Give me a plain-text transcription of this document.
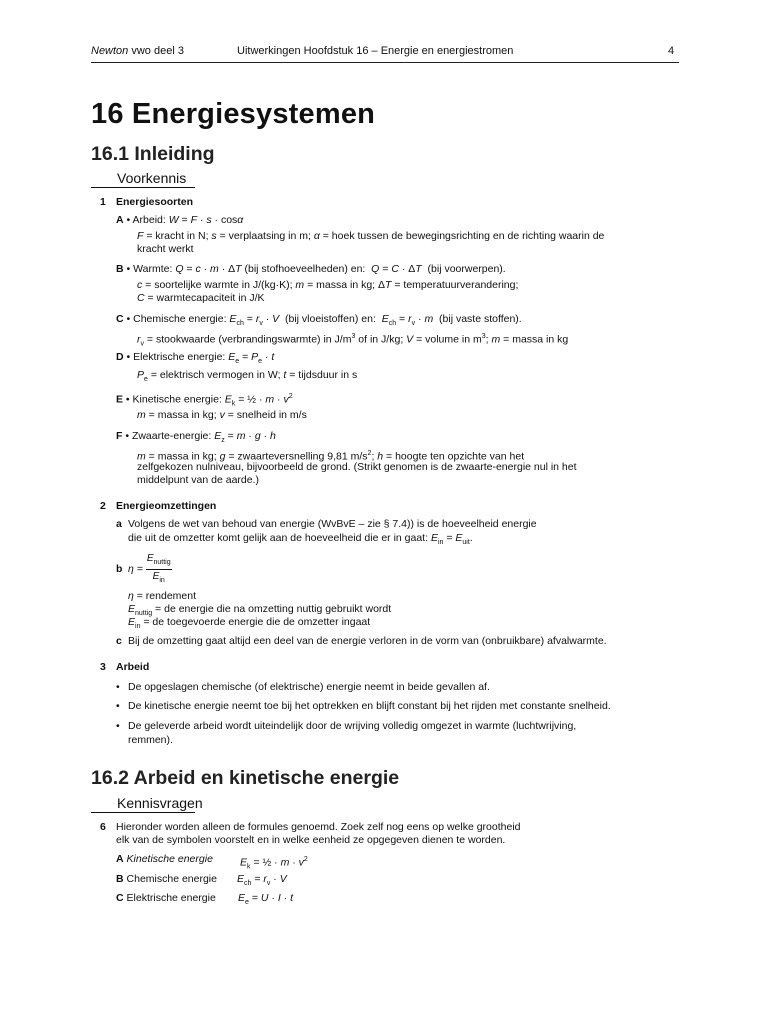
Newton vwo deel 3	Uitwerkingen Hoofdstuk 16 – Energie en energiestromen	4
16 Energiesystemen
16.1 Inleiding
Voorkennis
1 Energiesoorten
A • Arbeid: W = F · s · cosα
F = kracht in N; s = verplaatsing in m; α = hoek tussen de bewegingsrichting en de richting waarin de
kracht werkt
B • Warmte: Q = c · m · ΔT (bij stofhoeveelheden) en:  Q = C · ΔT  (bij voorwerpen).
c = soortelijke warmte in J/(kg·K); m = massa in kg; ΔT = temperatuurverandering;
C = warmtecapaciteit in J/K
C • Chemische energie: $E_{ch} = r_v \cdot V$  (bij vloeistoffen) en:  $E_{ch} = r_v \cdot m$  (bij vaste stoffen).
$r_v$ = stookwaarde (verbrandingswarmte) in $J/m^3$ of in J/kg; V = volume in $m^3$; m = massa in kg
D • Elektrische energie: $E_e = P_e \cdot t$
$P_e$ = elektrisch vermogen in W; t = tijdsduur in s
E • Kinetische energie: $E_k$ = ½ · $m \cdot v^2$
m = massa in kg; v = snelheid in m/s
F • Zwaarte-energie: $E_z = m \cdot g \cdot h$
m = massa in kg; g = zwaarteversnelling 9,81 $m/s^2$; h = hoogte ten opzichte van het
zelfgekozen nulniveau, bijvoorbeeld de grond. (Strikt genomen is de zwaarte-energie nul in het
middelpunt van de aarde.)
2 Energieomzettingen
a Volgens de wet van behoud van energie (WvBvE – zie § 7.4)) is de hoeveelheid energie
die uit de omzetter komt gelijk aan de hoeveelheid die er in gaat: $E_{in} = E_{uit}$.
b $\eta = \frac{E_{nuttig}}{E_{in}}$
η = rendement
$E_{nuttig}$ = de energie die na omzetting nuttig gebruikt wordt
$E_{in}$ = de toegevoerde energie die de omzetter ingaat
c Bij de omzetting gaat altijd een deel van de energie verloren in de vorm van (onbruikbare) afvalwarmte.
3 Arbeid
• De opgeslagen chemische (of elektrische) energie neemt in beide gevallen af.
• De kinetische energie neemt toe bij het optrekken en blijft constant bij het rijden met constante snelheid.
• De geleverde arbeid wordt uiteindelijk door de wrijving volledig omgezet in warmte (luchtwrijving,
remmen).
16.2 Arbeid en kinetische energie
Kennisvragen
6 Hieronder worden alleen de formules genoemd. Zoek zelf nog eens op welke grootheid
elk van de symbolen voorstelt en in welke eenheid ze opgegeven dienen te worden.
A Kinetische energie	$E_k$ = ½ · $m \cdot v^2$
B Chemische energie $E_{ch} = r_v \cdot V$
C Elektrische energie $E_e = U \cdot I \cdot t$
